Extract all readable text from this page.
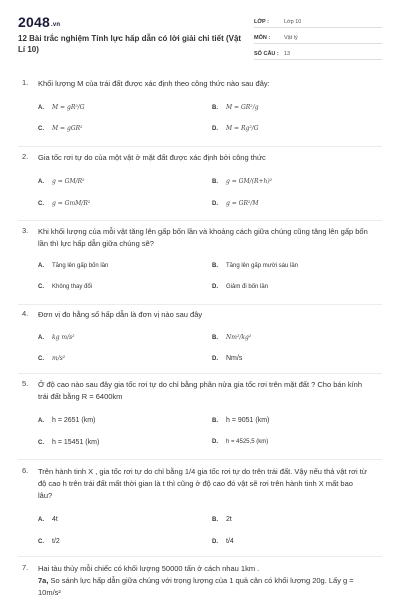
2048.vn
12 Bài trắc nghiệm Tính lực hấp dẫn có lời giải chi tiết (Vật Lí 10)
LỚP :	Lớp 10
MÔN :	Vật lý
SỐ CÂU : 13
1. Khối lượng M của trái đất được xác định theo công thức nào sau đây:
A.	M = gR²/G	B.	M = GR²/g
C.	M = gGR²	D.	M = Rg²/G
2. Gia tốc rơi tự do của một vật ở mặt đất được xác định bởi công thức
A.	g = GM/R²	B.	g = GM/(R+h)²
C.	g = GmM/R²	D.	g = GR²/M
3. Khi khối lượng của mỗi vật tăng lên gấp bốn lần và khoảng cách giữa chúng cũng tăng lên gấp bốn lần thì lực hấp dẫn giữa chúng sẽ?
A.	Tăng lên gấp bốn lần	B.	Tăng lên gấp mười sáu lần
C.	Không thay đổi	D.	Giảm đi bốn lần
4. Đơn vị đo hằng số hấp dẫn là đơn vị nào sau đây
A.	kg m/s²	B.	Nm²/kg²
C.	m/s²	D.	Nm/s
5. Ở độ cao nào sau đây gia tốc rơi tự do chỉ bằng phân nửa gia tốc rơi trên mặt đất ? Cho bán kính trái đất bằng R = 6400km
A.	h = 2651 (km)	B.	h = 9051 (km)
C.	h = 15451 (km)	D.	h = 4525,5 (km)
6. Trên hành tinh X , gia tốc rơi tự do chỉ bằng 1/4 gia tốc rơi tự do trên trái đất. Vậy nếu thả vật rơi từ độ cao h trên trái đất mất thời gian là t thì cũng ở độ cao đó vật sẽ rơi trên hành tinh X mất bao lâu?
A.	4t	B.	2t
C.	t/2	D.	t/4
7. Hai tàu thủy mỗi chiếc có khối lượng 50000 tấn ở cách nhau 1km .
7a, So sánh lực hấp dẫn giữa chúng với trọng lượng của 1 quả cân có khối lượng 20g. Lấy g = 10m/s²
